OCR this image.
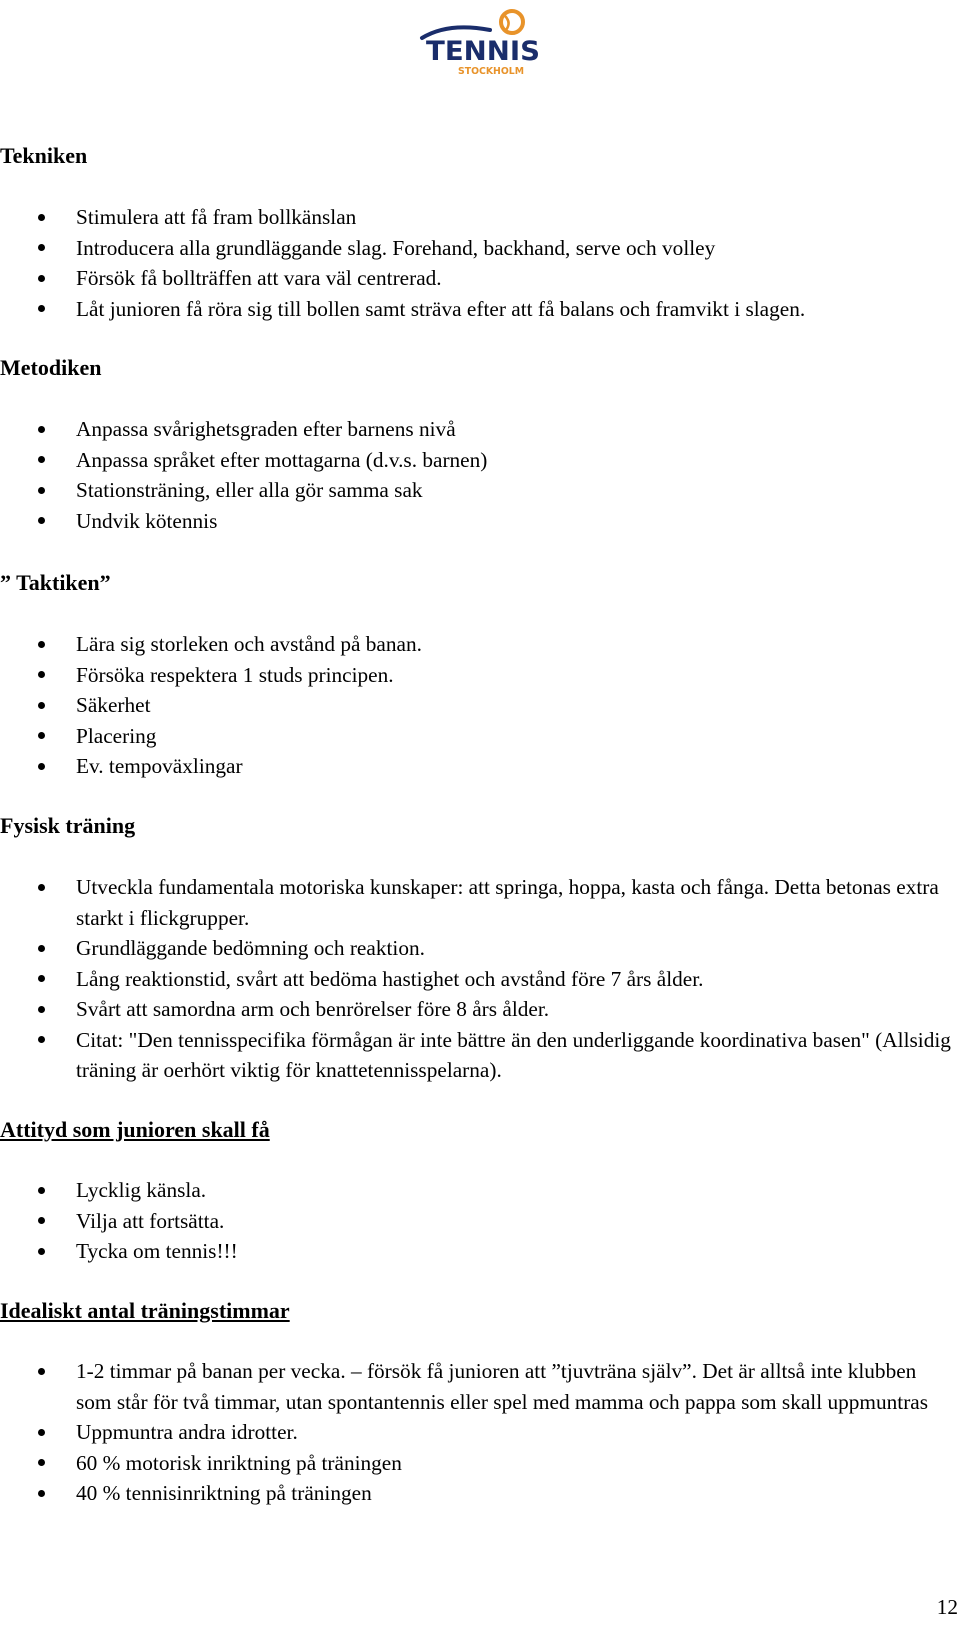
TENNIS
STOCKHOLM
Tekniken
Stimulera att få fram bollkänslan
Introducera alla grundläggande slag. Forehand, backhand, serve och volley
Försök få bollträffen att vara väl centrerad.
Låt junioren få röra sig till bollen samt sträva efter att få balans och framvikt i slagen.
Metodiken
Anpassa svårighetsgraden efter barnens nivå
Anpassa språket efter mottagarna (d.v.s. barnen)
Stationsträning, eller alla gör samma sak
Undvik kötennis
” Taktiken”
Lära sig storleken och avstånd på banan.
Försöka respektera 1 studs principen.
Säkerhet
Placering
Ev. tempoväxlingar
Fysisk träning
Utveckla fundamentala motoriska kunskaper: att springa, hoppa, kasta och fånga. Detta betonas extra starkt i flickgrupper.
Grundläggande bedömning och reaktion.
Lång reaktionstid, svårt att bedöma hastighet och avstånd före 7 års ålder.
Svårt att samordna arm och benrörelser före 8 års ålder.
Citat: "Den tennisspecifika förmågan är inte bättre än den underliggande koordinativa basen" (Allsidig träning är oerhört viktig för knattetennisspelarna).
Attityd som junioren skall få
Lycklig känsla.
Vilja att fortsätta.
Tycka om tennis!!!
Idealiskt antal träningstimmar
1-2 timmar på banan per vecka. – försök få junioren att ”tjuvträna själv”. Det är alltså inte klubben som står för två timmar, utan spontantennis eller spel med mamma och pappa som skall uppmuntras
Uppmuntra andra idrotter.
60 % motorisk inriktning på träningen
40 % tennisinriktning på träningen
12
